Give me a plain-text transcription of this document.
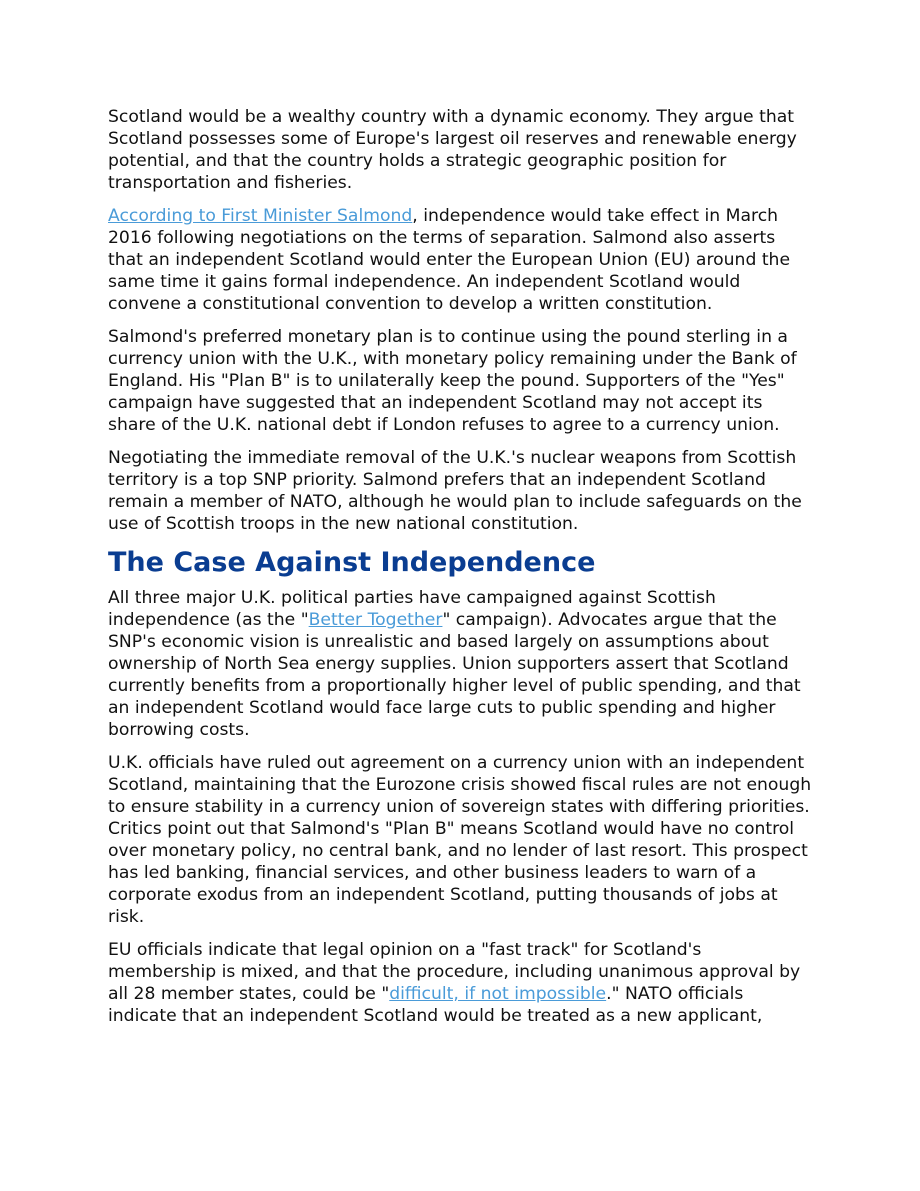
Scotland would be a wealthy country with a dynamic economy. They argue that Scotland possesses some of Europe's largest oil reserves and renewable energy potential, and that the country holds a strategic geographic position for transportation and fisheries.

According to First Minister Salmond, independence would take effect in March 2016 following negotiations on the terms of separation. Salmond also asserts that an independent Scotland would enter the European Union (EU) around the same time it gains formal independence. An independent Scotland would convene a constitutional convention to develop a written constitution.

Salmond's preferred monetary plan is to continue using the pound sterling in a currency union with the U.K., with monetary policy remaining under the Bank of England. His "Plan B" is to unilaterally keep the pound. Supporters of the "Yes" campaign have suggested that an independent Scotland may not accept its share of the U.K. national debt if London refuses to agree to a currency union.

Negotiating the immediate removal of the U.K.'s nuclear weapons from Scottish territory is a top SNP priority. Salmond prefers that an independent Scotland remain a member of NATO, although he would plan to include safeguards on the use of Scottish troops in the new national constitution.

The Case Against Independence

All three major U.K. political parties have campaigned against Scottish independence (as the "Better Together" campaign). Advocates argue that the SNP's economic vision is unrealistic and based largely on assumptions about ownership of North Sea energy supplies. Union supporters assert that Scotland currently benefits from a proportionally higher level of public spending, and that an independent Scotland would face large cuts to public spending and higher borrowing costs.

U.K. officials have ruled out agreement on a currency union with an independent Scotland, maintaining that the Eurozone crisis showed fiscal rules are not enough to ensure stability in a currency union of sovereign states with differing priorities. Critics point out that Salmond's "Plan B" means Scotland would have no control over monetary policy, no central bank, and no lender of last resort. This prospect has led banking, financial services, and other business leaders to warn of a corporate exodus from an independent Scotland, putting thousands of jobs at risk.

EU officials indicate that legal opinion on a "fast track" for Scotland's membership is mixed, and that the procedure, including unanimous approval by all 28 member states, could be "difficult, if not impossible." NATO officials indicate that an independent Scotland would be treated as a new applicant,
